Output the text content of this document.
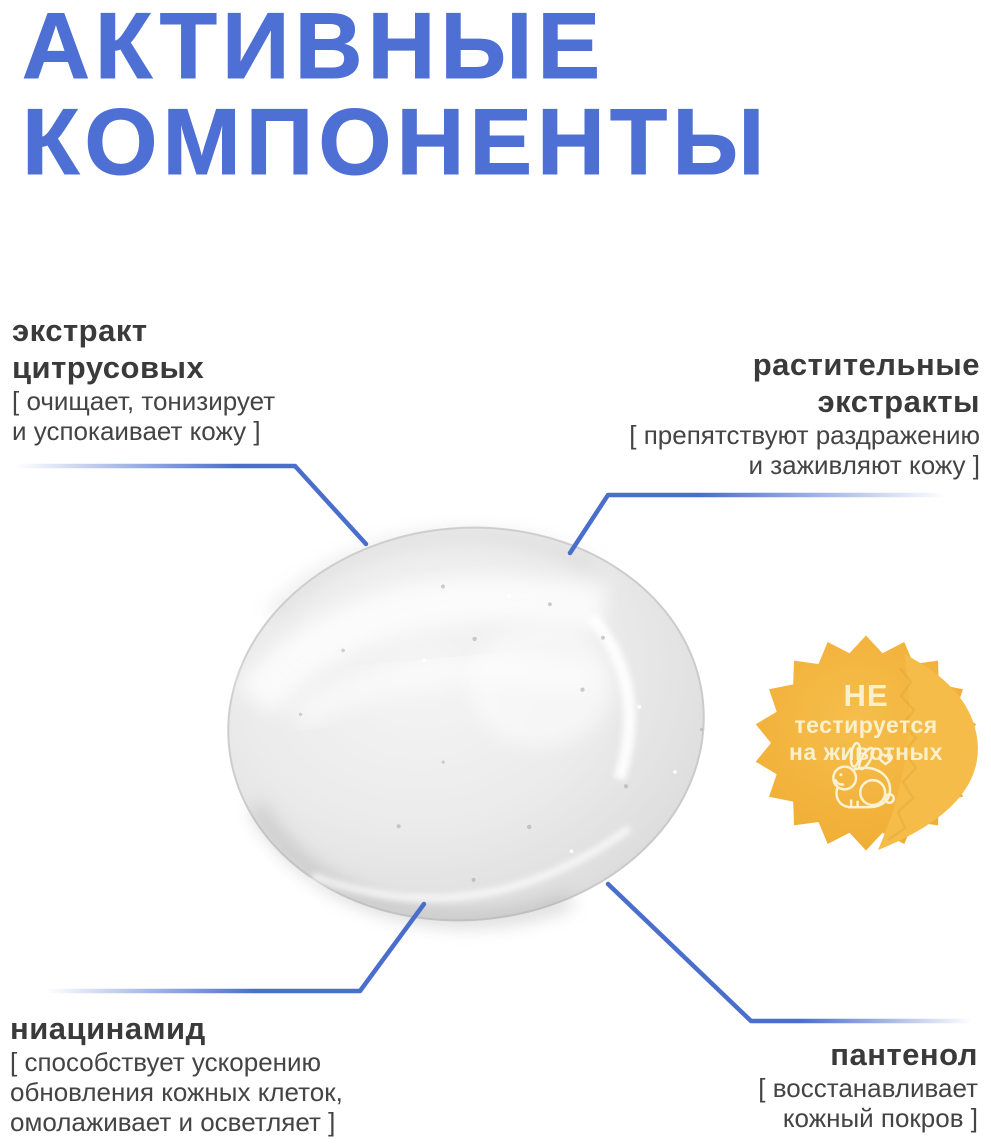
АКТИВНЫЕ
КОМПОНЕНТЫ
экстракт
цитрусовых
[ очищает, тонизирует
и успокаивает кожу ]
растительные
экстракты
[ препятствуют раздражению
и заживляют кожу ]
ниацинамид
[ способствует ускорению
обновления кожных клеток,
омолаживает и осветляет ]
пантенол
[ восстанавливает
кожный покров ]
НЕ
тестируется
на животных
